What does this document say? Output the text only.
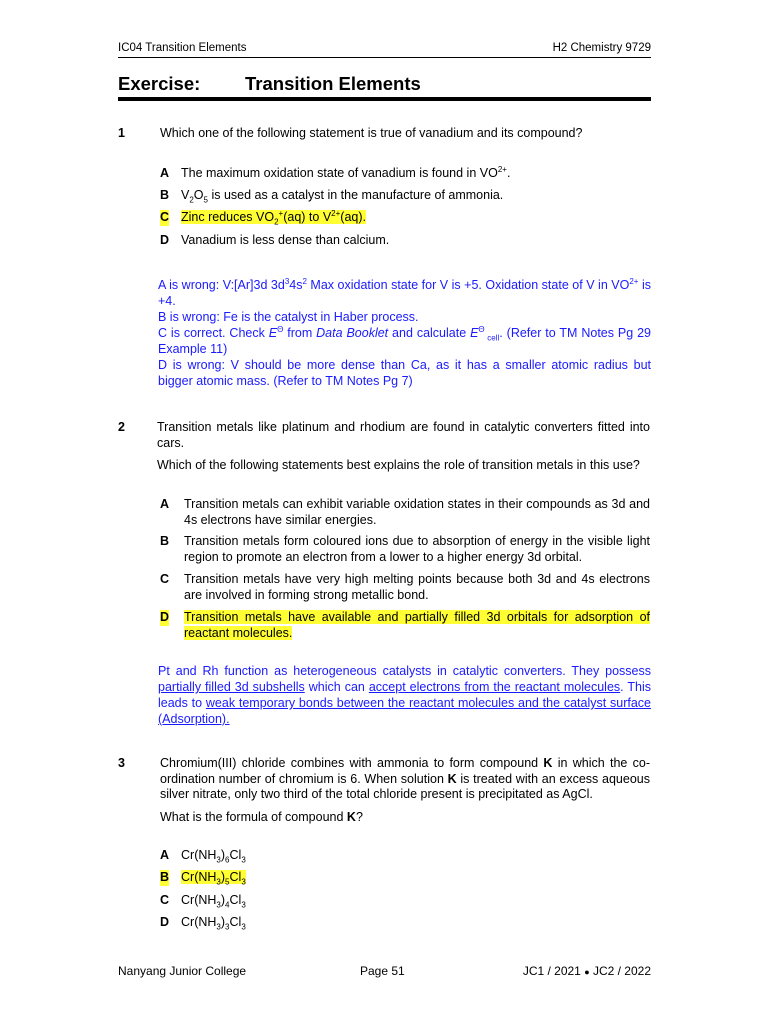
IC04 Transition Elements	H2 Chemistry 9729
Exercise: Transition Elements
1	Which one of the following statement is true of vanadium and its compound?
A The maximum oxidation state of vanadium is found in $VO^{2+}$.
B $V_2O_5$ is used as a catalyst in the manufacture of ammonia.
C Zinc reduces $VO_2^+(aq)$ to $V^{2+}(aq)$.
D Vanadium is less dense than calcium.
A is wrong: V:[Ar]3d $3d^34s^2$ Max oxidation state for V is +5. Oxidation state of V in $VO^{2+}$ is +4.
B is wrong: Fe is the catalyst in Haber process.
C is correct. Check $E^\Theta$ from Data Booklet and calculate $E^\Theta$ $_{cell}$. (Refer to TM Notes Pg 29 Example 11)
D is wrong: V should be more dense than Ca, as it has a smaller atomic radius but bigger atomic mass. (Refer to TM Notes Pg 7)
2	Transition metals like platinum and rhodium are found in catalytic converters fitted into cars.
Which of the following statements best explains the role of transition metals in this use?
A Transition metals can exhibit variable oxidation states in their compounds as 3d and 4s electrons have similar energies.
B Transition metals form coloured ions due to absorption of energy in the visible light region to promote an electron from a lower to a higher energy 3d orbital.
C Transition metals have very high melting points because both 3d and 4s electrons are involved in forming strong metallic bond.
D Transition metals have available and partially filled 3d orbitals for adsorption of reactant molecules.
Pt and Rh function as heterogeneous catalysts in catalytic converters. They possess partially filled 3d subshells which can accept electrons from the reactant molecules. This leads to weak temporary bonds between the reactant molecules and the catalyst surface (Adsorption).
3	Chromium(III) chloride combines with ammonia to form compound K in which the co-ordination number of chromium is 6. When solution K is treated with an excess aqueous silver nitrate, only two third of the total chloride present is precipitated as AgCl.
What is the formula of compound K?
A $Cr(NH_3)_6Cl_3$
B $Cr(NH_3)_5Cl_3$
C $Cr(NH_3)_4Cl_3$
D $Cr(NH_3)_3Cl_3$
Nanyang Junior College	Page 51	JC1 / 2021 ● JC2 / 2022
